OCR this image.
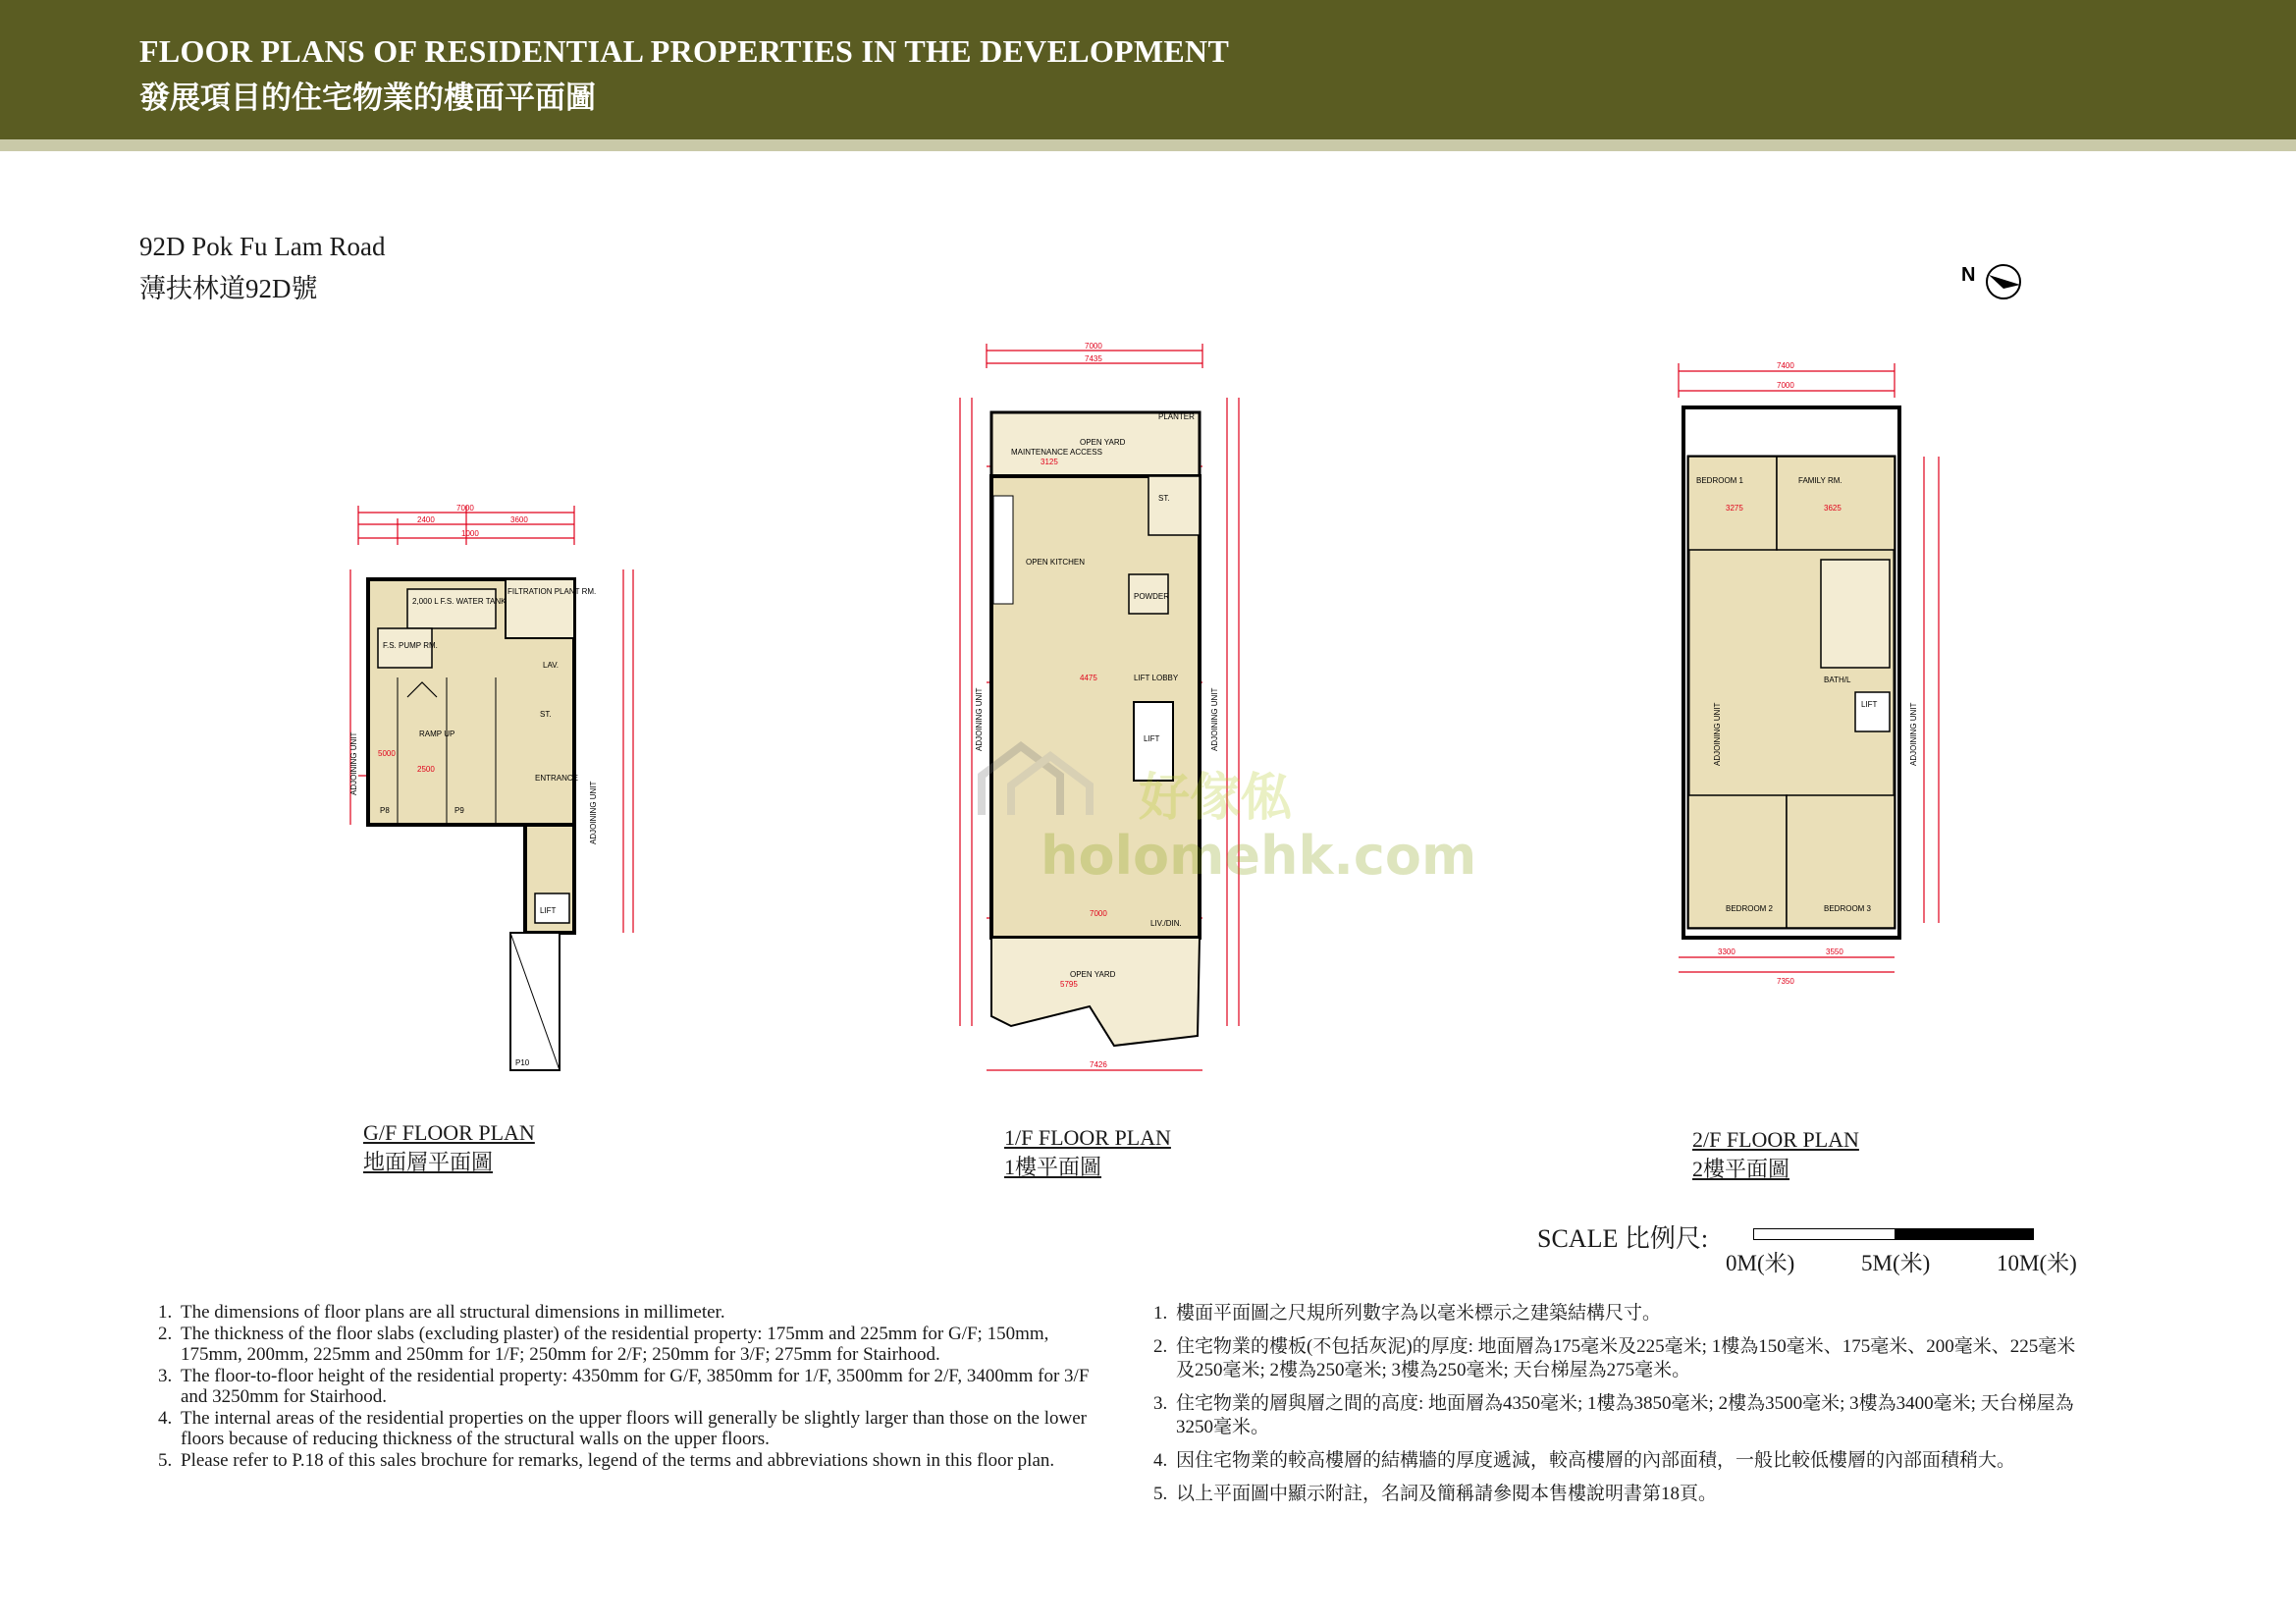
FLOOR PLANS OF RESIDENTIAL PROPERTIES IN THE DEVELOPMENT
發展項目的住宅物業的樓面平面圖
92D Pok Fu Lam Road
薄扶林道92D號	N
2,000 L F.S. WATER TANK
FILTRATION PLANT RM.
F.S. PUMP RM.
LAV.
ST.
ENTRANCE
LIFT
RAMP UP
P8	P9
P10
ADJOINING UNIT
ADJOINING UNIT
7000
2400	3600
5000
2500
1000
OPEN YARD
PLANTER
MAINTENANCE ACCESS
OPEN KITCHEN
POWDER
ST.
LIFT LOBBY
LIFT
LIV./DIN.
OPEN YARD
ADJOINING UNIT	ADJOINING UNIT
7000
7435
3125
4475
7000
7426
5795
BEDROOM 1	FAMILY RM.
BATH/L
LIFT
BEDROOM 2	BEDROOM 3
ADJOINING UNIT	ADJOINING UNIT
7400
7000
3275	3625
3300	3550
7350
G/F FLOOR PLAN
地面層平面圖
1/F FLOOR PLAN
1樓平面圖
2/F FLOOR PLAN
2樓平面圖
好傢俬
holomehk.com
SCALE 比例尺:
0M(米)	5M(米)	10M(米)
1. The dimensions of floor plans are all structural dimensions in millimeter.
2. The thickness of the floor slabs (excluding plaster) of the residential property: 175mm and 225mm for G/F; 150mm, 175mm, 200mm, 225mm and 250mm for 1/F; 250mm for 2/F; 250mm for 3/F; 275mm for Stairhood.
3. The floor-to-floor height of the residential property: 4350mm for G/F, 3850mm for 1/F, 3500mm for 2/F, 3400mm for 3/F and 3250mm for Stairhood.
4. The internal areas of the residential properties on the upper floors will generally be slightly larger than those on the lower floors because of reducing thickness of the structural walls on the upper floors.
5. Please refer to P.18 of this sales brochure for remarks, legend of the terms and abbreviations shown in this floor plan.
1. 樓面平面圖之尺規所列數字為以毫米標示之建築結構尺寸。
2. 住宅物業的樓板(不包括灰泥)的厚度: 地面層為175毫米及225毫米; 1樓為150毫米、175毫米、200毫米、225毫米及250毫米; 2樓為250毫米; 3樓為250毫米; 天台梯屋為275毫米。
3. 住宅物業的層與層之間的高度: 地面層為4350毫米; 1樓為3850毫米; 2樓為3500毫米; 3樓為3400毫米; 天台梯屋為3250毫米。
4. 因住宅物業的較高樓層的結構牆的厚度遞減，較高樓層的內部面積，一般比較低樓層的內部面積稍大。
5. 以上平面圖中顯示附註，名詞及簡稱請參閱本售樓說明書第18頁。
